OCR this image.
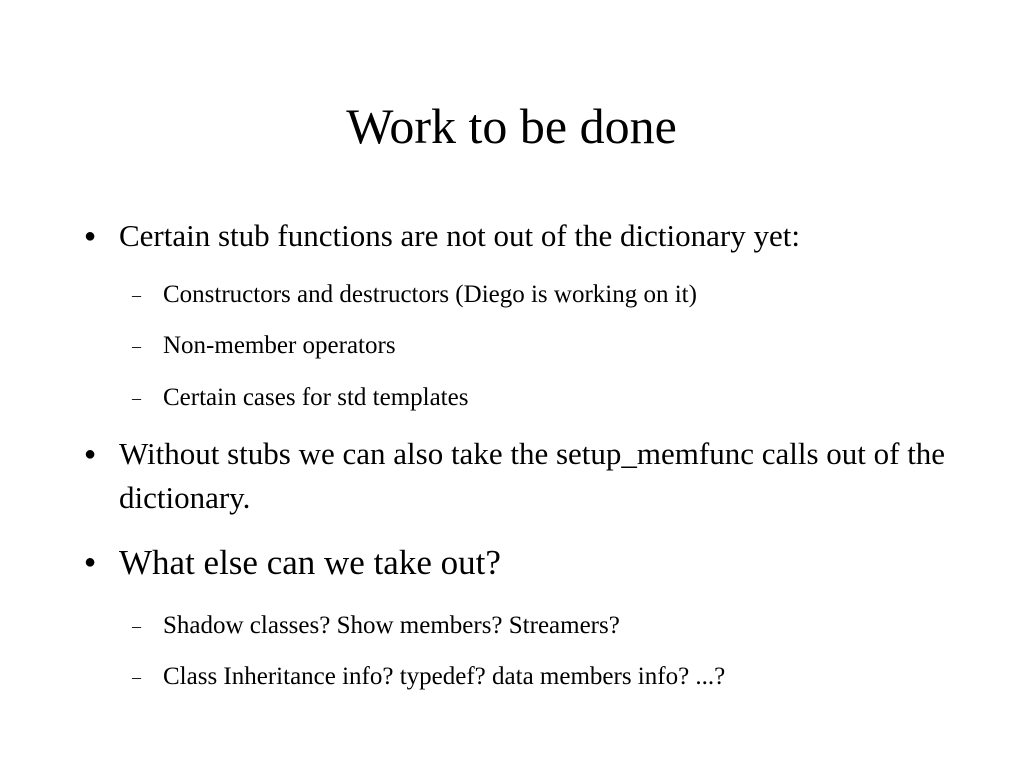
Work to be done
● Certain stub functions are not out of the dictionary yet:
– Constructors and destructors (Diego is working on it)
– Non-member operators
– Certain cases for std templates
● Without stubs we can also take the setup_memfunc calls out of the dictionary.
● What else can we take out?
– Shadow classes? Show members? Streamers?
– Class Inheritance info? typedef? data members info? ...?
